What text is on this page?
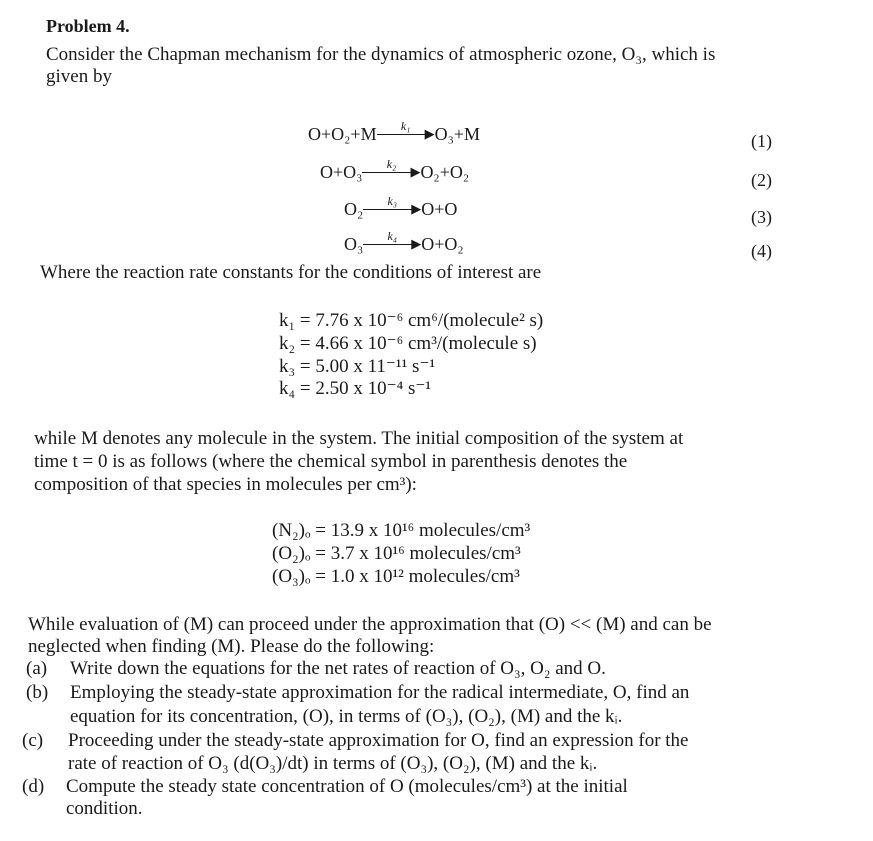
Problem 4.
Consider the Chapman mechanism for the dynamics of atmospheric ozone, O₃, which is
given by
O+O₂+M	k₁	▶ O₃+M	(1)
O+O₃	k₂	▶ O₂+O₂	(2)
O₂	k₃	▶ O+O	(3)
O₃	k₄	▶ O+O₂	(4)
Where the reaction rate constants for the conditions of interest are
k₁ = 7.76 x 10⁻⁶ cm⁶/(molecule² s)
k₂ = 4.66 x 10⁻⁶ cm³/(molecule s)
k₃ = 5.00 x 11⁻¹¹ s⁻¹
k₄ = 2.50 x 10⁻⁴ s⁻¹
while M denotes any molecule in the system. The initial composition of the system at
time t = 0 is as follows (where the chemical symbol in parenthesis denotes the
composition of that species in molecules per cm³):
(N₂)ₒ = 13.9 x 10¹⁶ molecules/cm³
(O₂)ₒ = 3.7 x 10¹⁶ molecules/cm³
(O₃)ₒ = 1.0 x 10¹² molecules/cm³
While evaluation of (M) can proceed under the approximation that (O) << (M) and can be
neglected when finding (M). Please do the following:
(a) Write down the equations for the net rates of reaction of O₃, O₂ and O.
(b) Employing the steady-state approximation for the radical intermediate, O, find an
equation for its concentration, (O), in terms of (O₃), (O₂), (M) and the kᵢ.
(c) Proceeding under the steady-state approximation for O, find an expression for the
rate of reaction of O₃ (d(O₃)/dt) in terms of (O₃), (O₂), (M) and the kᵢ.
(d) Compute the steady state concentration of O (molecules/cm³) at the initial
condition.
